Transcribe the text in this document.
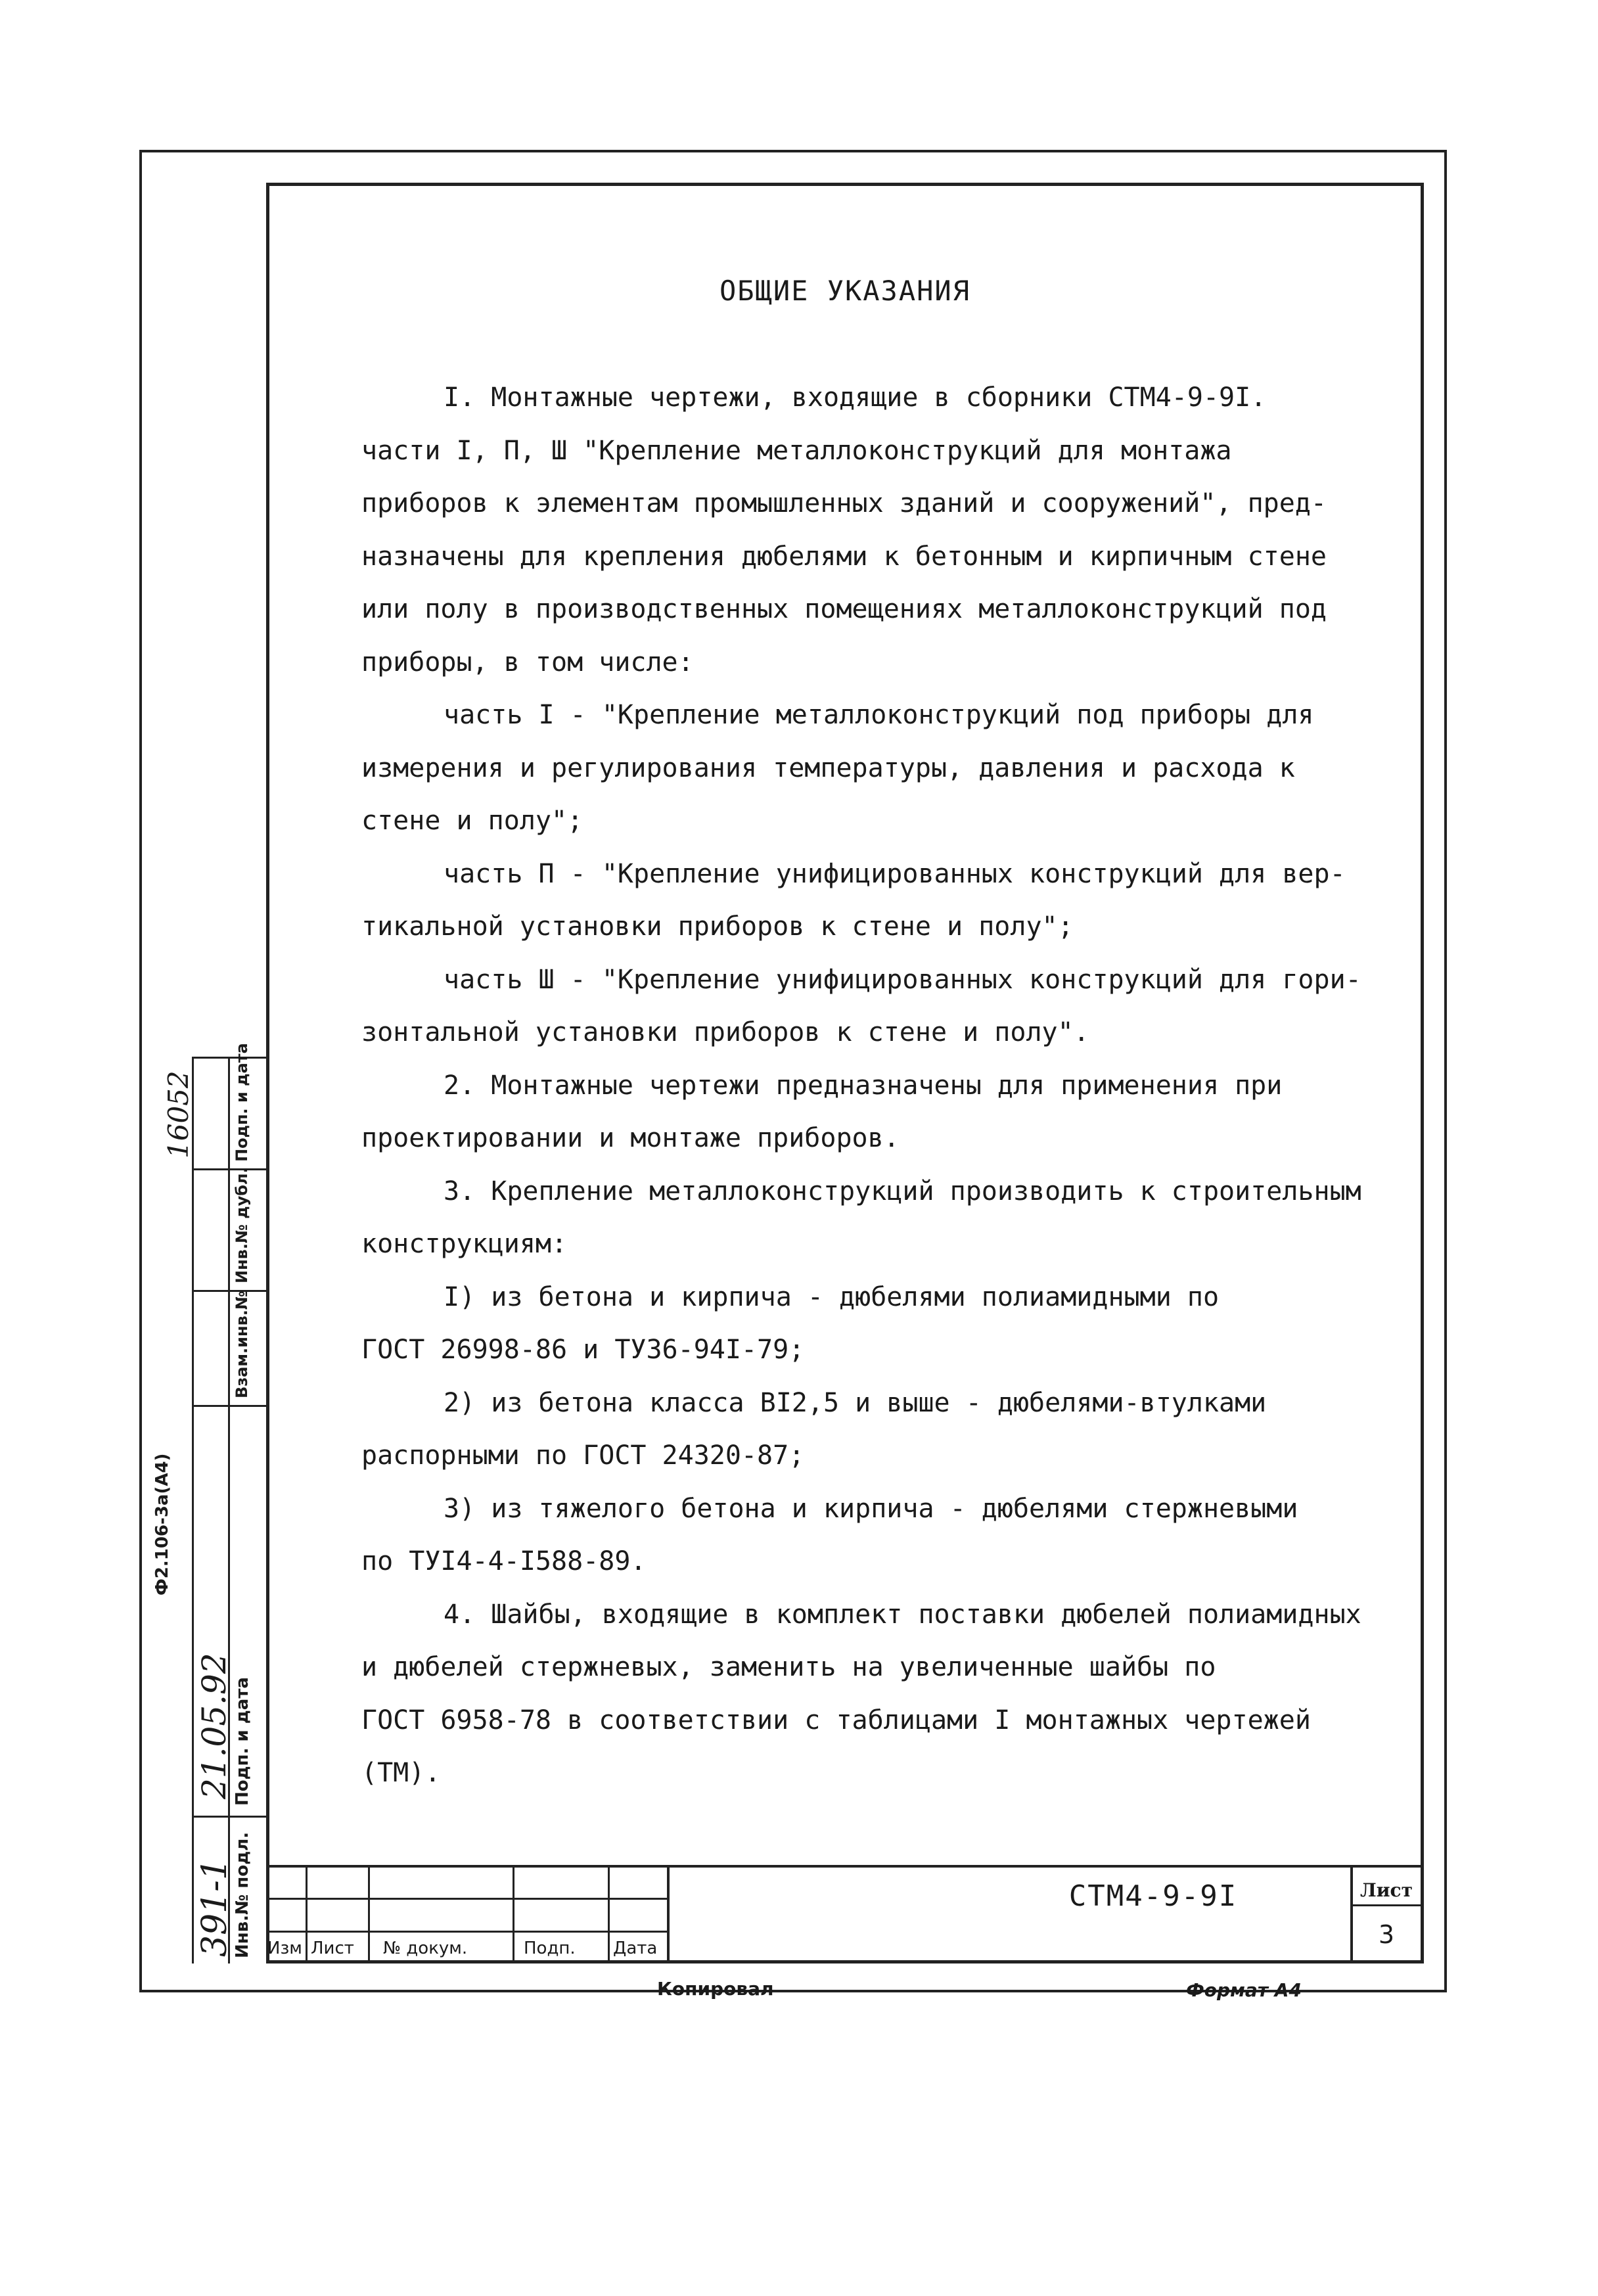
ОБЩИЕ УКАЗАНИЯ
I. Монтажные чертежи, входящие в сборники СТМ4-9-9I.
части I, П, Ш "Крепление металлоконструкций для монтажа
приборов к элементам промышленных зданий и сооружений", пред-
назначены для крепления дюбелями к бетонным и кирпичным стене
или полу в производственных помещениях металлоконструкций под
приборы, в том числе:
часть I - "Крепление металлоконструкций под приборы для
измерения и регулирования температуры, давления и расхода к
стене и полу";
часть П - "Крепление унифицированных конструкций для вер-
тикальной установки приборов к стене и полу";
часть Ш - "Крепление унифицированных конструкций для гори-
зонтальной установки приборов к стене и полу".
2. Монтажные чертежи предназначены для применения при
проектировании и монтаже приборов.
3. Крепление металлоконструкций производить к строительным
конструкциям:
I) из бетона и кирпича - дюбелями полиамидными по
ГОСТ 26998-86 и ТУ36-94I-79;
2) из бетона класса BI2,5 и выше - дюбелями-втулками
распорными по ГОСТ 24320-87;
3) из тяжелого бетона и кирпича - дюбелями стержневыми
по ТУI4-4-I588-89.
4. Шайбы, входящие в комплект поставки дюбелей полиамидных
и дюбелей стержневых, заменить на увеличенные шайбы по
ГОСТ 6958-78 в соответствии с таблицами I монтажных чертежей
(ТМ).
Изм Лист № докум.	Подп. Дата
СТМ4-9-9I	Лист
3
Копировал	Формат А4
Подп. и дата
Инв.№ дубл.
Взам.инв.№
Подп. и дата
Инв.№ подл.
Ф2.106-3а(А4)
391-1
21.05.92
16052
